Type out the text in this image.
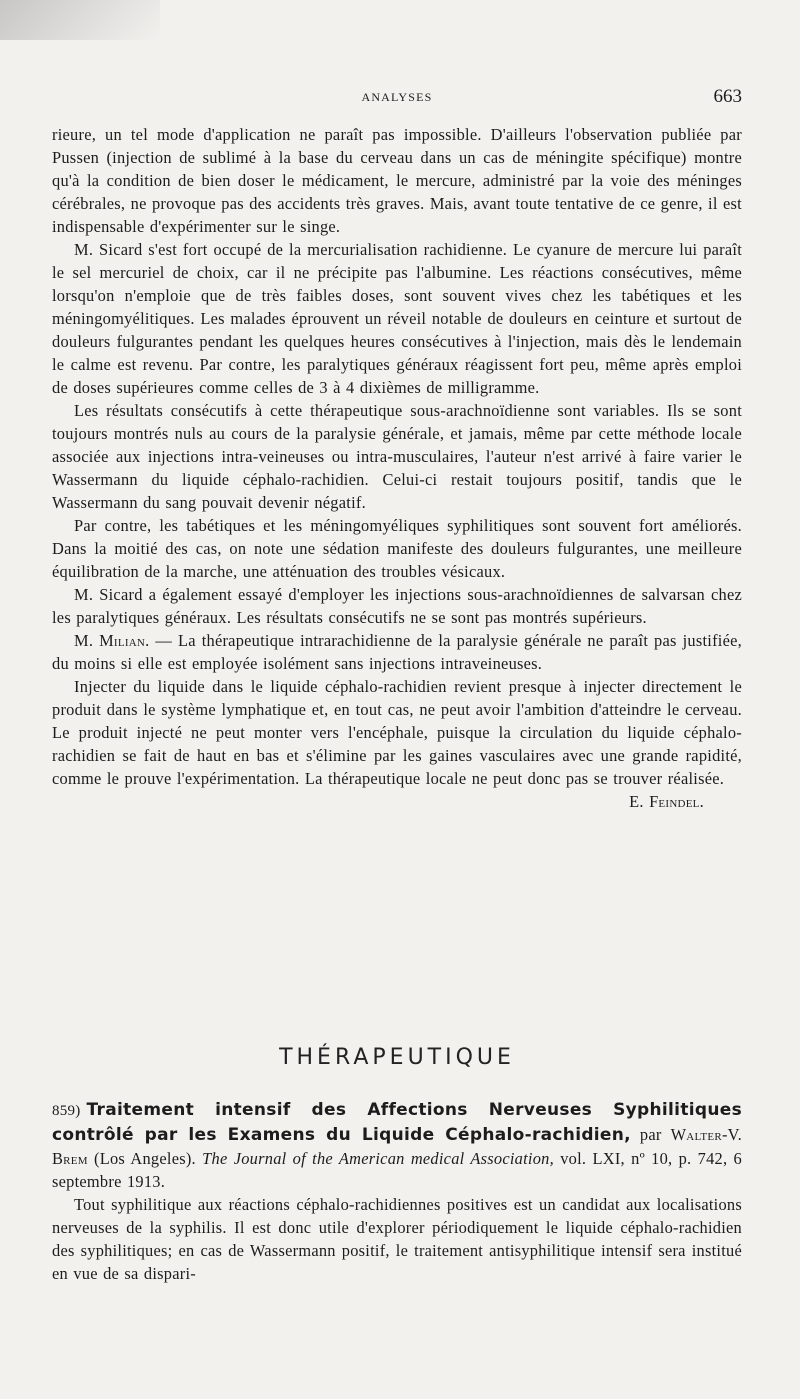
ANALYSES	663

rieure, un tel mode d'application ne paraît pas impossible. D'ailleurs l'observation publiée par Pussen (injection de sublimé à la base du cerveau dans un cas de méningite spécifique) montre qu'à la condition de bien doser le médicament, le mercure, administré par la voie des méninges cérébrales, ne provoque pas des accidents très graves. Mais, avant toute tentative de ce genre, il est indispensable d'expérimenter sur le singe.

M. Sicard s'est fort occupé de la mercurialisation rachidienne. Le cyanure de mercure lui paraît le sel mercuriel de choix, car il ne précipite pas l'albumine. Les réactions consécutives, même lorsqu'on n'emploie que de très faibles doses, sont souvent vives chez les tabétiques et les méningomyélitiques. Les malades éprouvent un réveil notable de douleurs en ceinture et surtout de douleurs fulgurantes pendant les quelques heures consécutives à l'injection, mais dès le lendemain le calme est revenu. Par contre, les paralytiques généraux réagissent fort peu, même après emploi de doses supérieures comme celles de 3 à 4 dixièmes de milligramme.

Les résultats consécutifs à cette thérapeutique sous-arachnoïdienne sont variables. Ils se sont toujours montrés nuls au cours de la paralysie générale, et jamais, même par cette méthode locale associée aux injections intra-veineuses ou intra-musculaires, l'auteur n'est arrivé à faire varier le Wassermann du liquide céphalo-rachidien. Celui-ci restait toujours positif, tandis que le Wassermann du sang pouvait devenir négatif.

Par contre, les tabétiques et les méningomyéliques syphilitiques sont souvent fort améliorés. Dans la moitié des cas, on note une sédation manifeste des douleurs fulgurantes, une meilleure équilibration de la marche, une atténuation des troubles vésicaux.

M. Sicard a également essayé d'employer les injections sous-arachnoïdiennes de salvarsan chez les paralytiques généraux. Les résultats consécutifs ne se sont pas montrés supérieurs.

M. Milian. — La thérapeutique intrarachidienne de la paralysie générale ne paraît pas justifiée, du moins si elle est employée isolément sans injections intraveineuses.

Injecter du liquide dans le liquide céphalo-rachidien revient presque à injecter directement le produit dans le système lymphatique et, en tout cas, ne peut avoir l'ambition d'atteindre le cerveau. Le produit injecté ne peut monter vers l'encéphale, puisque la circulation du liquide céphalo-rachidien se fait de haut en bas et s'élimine par les gaines vasculaires avec une grande rapidité, comme le prouve l'expérimentation. La thérapeutique locale ne peut donc pas se trouver réalisée.

E. Feindel.

THÉRAPEUTIQUE

859) Traitement intensif des Affections Nerveuses Syphilitiques contrôlé par les Examens du Liquide Céphalo-rachidien, par Walter-V. Brem (Los Angeles). The Journal of the American medical Association, vol. LXI, nº 10, p. 742, 6 septembre 1913.

Tout syphilitique aux réactions céphalo-rachidiennes positives est un candidat aux localisations nerveuses de la syphilis. Il est donc utile d'explorer périodiquement le liquide céphalo-rachidien des syphilitiques; en cas de Wassermann positif, le traitement antisyphilitique intensif sera institué en vue de sa dispari-
